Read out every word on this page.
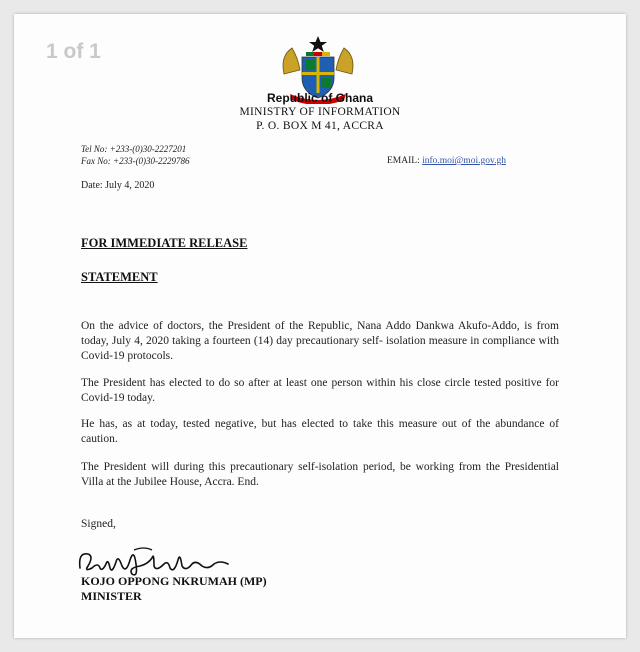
1 of 1
Republic of Ghana
MINISTRY OF INFORMATION
P. O. BOX M 41, ACCRA
Tel No: +233-(0)30-2227201
Fax No: +233-(0)30-2229786	EMAIL: info.moi@moi.gov.gh
Date: July 4, 2020
FOR IMMEDIATE RELEASE
STATEMENT
On the advice of doctors, the President of the Republic, Nana Addo Dankwa Akufo-Addo, is from today, July 4, 2020 taking a fourteen (14) day precautionary self- isolation measure in compliance with Covid-19 protocols.
The President has elected to do so after at least one person within his close circle tested positive for Covid-19 today.
He has, as at today, tested negative, but has elected to take this measure out of the abundance of caution.
The President will during this precautionary self-isolation period, be working from the Presidential Villa at the Jubilee House, Accra. End.
Signed,
KOJO OPPONG NKRUMAH (MP)
MINISTER
